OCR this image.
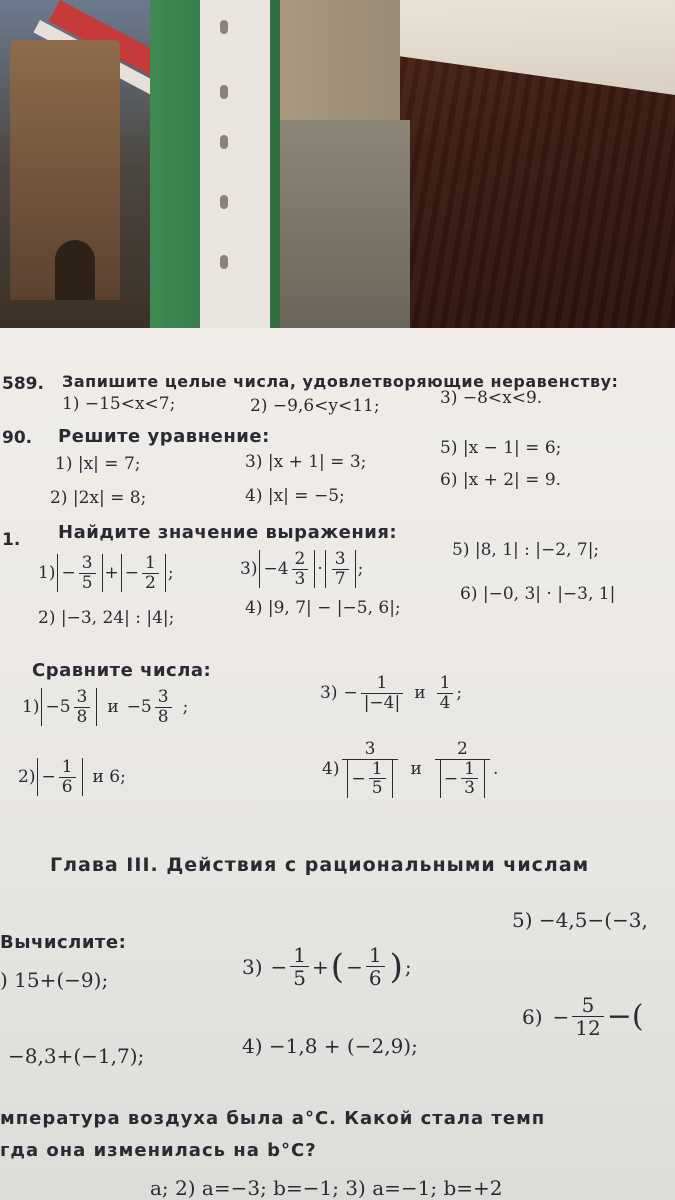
589. Запишите целые числа, удовлетворяющие неравенству:
1) −15<x<7;	2) −9,6<y<11;	3) −8<x<9.
90. Решите уравнение:
1) |x| = 7;
2) |2x| = 8;
3) |x + 1| = 3;
4) |x| = −5;
5) |x − 1| = 6;
6) |x + 2| = 9.
1. Найдите значение выражения:
$1) - \frac{3}{5}$ + − $\frac{1}{2}$ ;	$3) -4 \frac{2}{3} \cdot \frac{3}{7}$ ;
5) |8, 1| : |−2, 7|;
2) |−3, 24| : |4|;	4) |9, 7| − |−5, 6|;
6) |−0, 3| · |−3, 1|
Сравните числа:
$1) -5 \frac{3}{8}$ $и -5 \frac{3}{8}$ ;
$2) - \frac{1}{6}$ и 6;
$3) - \frac{1}{|-4|}$ и $\frac{1}{4}$ ;
$4) \frac{3}{- \frac{1}{5}}$ и $\frac{2}{- \frac{1}{3}}$ .
Глава III. Действия с рациональными числам
Вычислите:
) 15+(−9);
−8,3+(−1,7);
$3) - \frac{1}{5}$ + ( − $\frac{1}{6}$ ) ;
4) −1,8 + (−2,9);
5) −4,5−(−3,
$6) - \frac{5}{12}$ −(
мпература воздуха была a°С. Какой стала темп
гда она изменилась на b°С?
а; 2) а=−3; b=−1; 3) а=−1; b=+2
